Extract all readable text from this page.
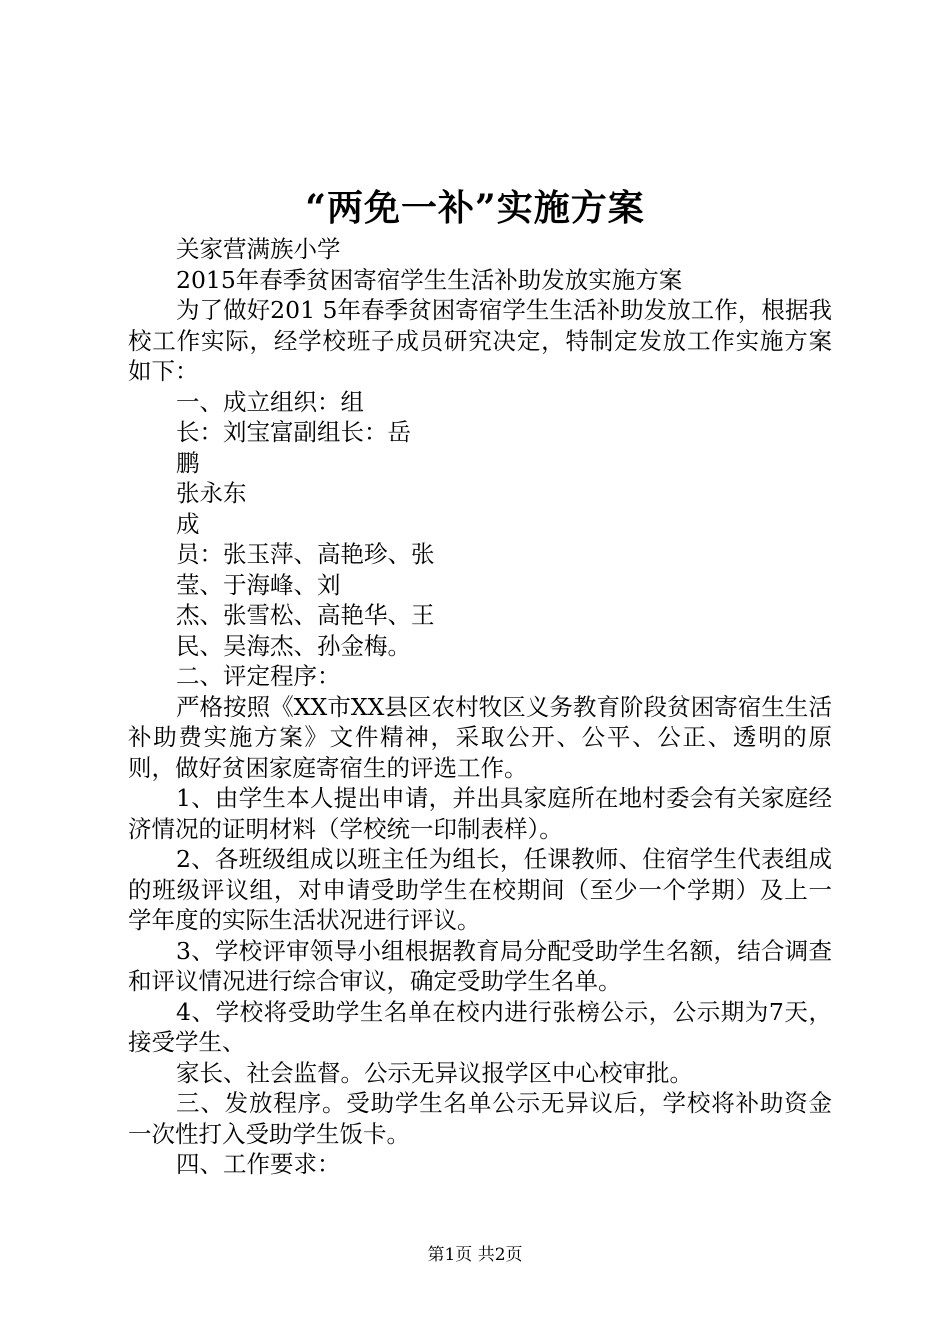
“两免一补”实施方案

关家营满族小学

2015年春季贫困寄宿学生生活补助发放实施方案

为了做好201 5年春季贫困寄宿学生生活补助发放工作，根据我校工作实际，经学校班子成员研究决定，特制定发放工作实施方案如下：

一、成立组织：组

长：刘宝富副组长：岳

鹏

张永东

成

员：张玉萍、高艳珍、张

莹、于海峰、刘

杰、张雪松、高艳华、王

民、吴海杰、孙金梅。

二、评定程序：

严格按照《XX市XX县区农村牧区义务教育阶段贫困寄宿生生活补助费实施方案》文件精神，采取公开、公平、公正、透明的原则，做好贫困家庭寄宿生的评选工作。

1、由学生本人提出申请，并出具家庭所在地村委会有关家庭经济情况的证明材料（学校统一印制表样）。

2、各班级组成以班主任为组长，任课教师、住宿学生代表组成的班级评议组，对申请受助学生在校期间（至少一个学期）及上一学年度的实际生活状况进行评议。

3、学校评审领导小组根据教育局分配受助学生名额，结合调查和评议情况进行综合审议，确定受助学生名单。

4、学校将受助学生名单在校内进行张榜公示，公示期为7天，接受学生、

家长、社会监督。公示无异议报学区中心校审批。

三、发放程序。受助学生名单公示无异议后，学校将补助资金一次性打入受助学生饭卡。

四、工作要求：

第1页 共2页
